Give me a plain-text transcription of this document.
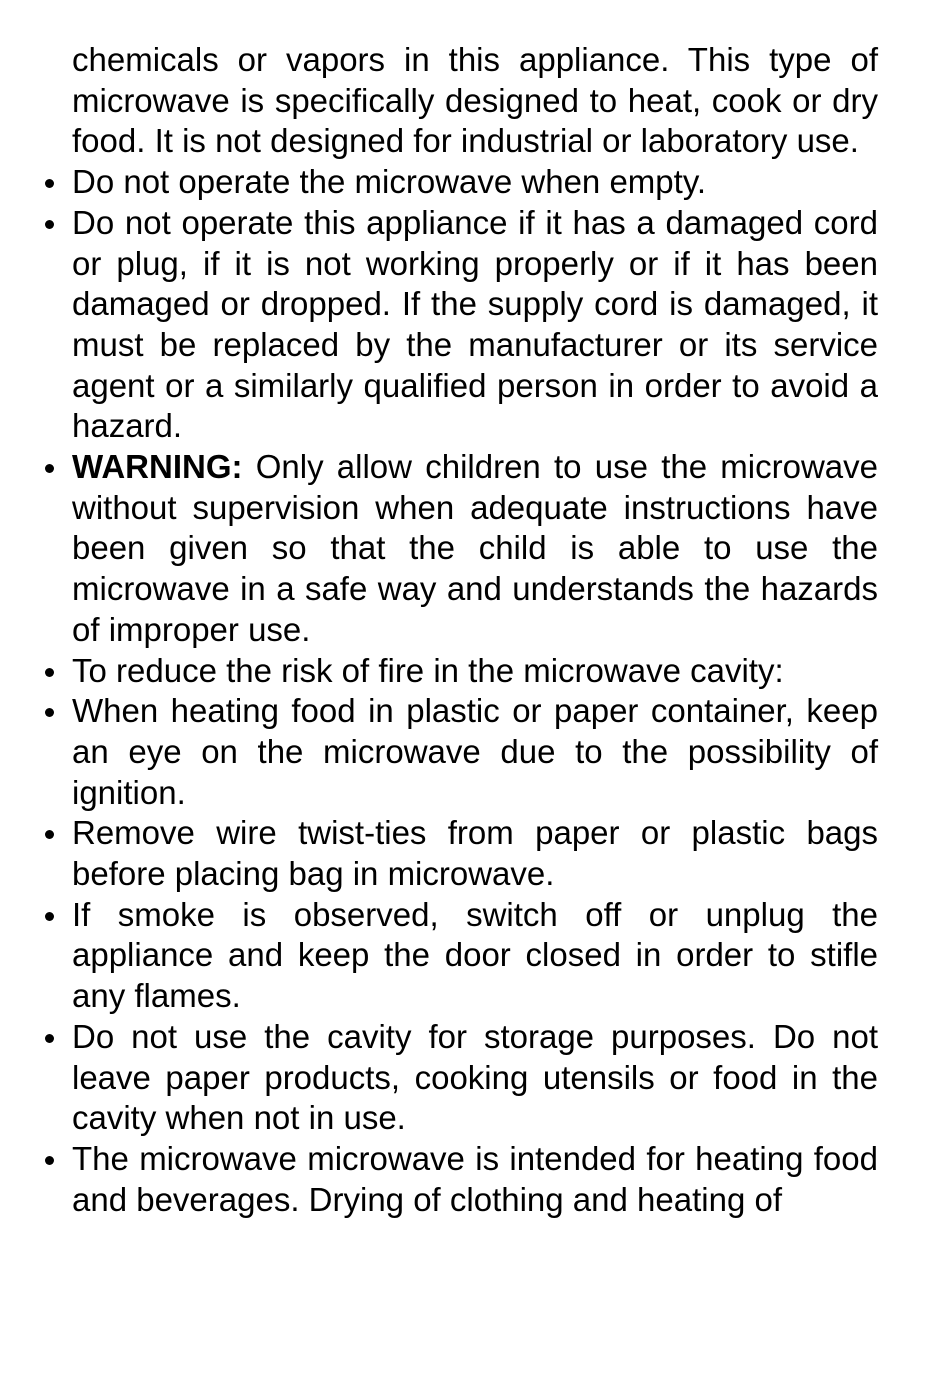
chemicals or vapors in this appliance. This type of microwave is specifically designed to heat, cook or dry food. It is not designed for industrial or laboratory use.

Do not operate the microwave when empty.
Do not operate this appliance if it has a damaged cord or plug, if it is not working properly or if it has been damaged or dropped. If the supply cord is damaged, it must be replaced by the manufacturer or its service agent or a similarly qualified person in order to avoid a hazard.
WARNING: Only allow children to use the microwave without supervision when adequate instructions have been given so that the child is able to use the microwave in a safe way and understands the hazards of improper use.
To reduce the risk of fire in the microwave cavity:
When heating food in plastic or paper container, keep an eye on the microwave due to the possibility of ignition.
Remove wire twist-ties from paper or plastic bags before placing bag in microwave.
If smoke is observed, switch off or unplug the appliance and keep the door closed in order to stifle any flames.
Do not use the cavity for storage purposes. Do not leave paper products, cooking utensils or food in the cavity when not in use.
The microwave microwave is intended for heating food and beverages. Drying of clothing and heating of
